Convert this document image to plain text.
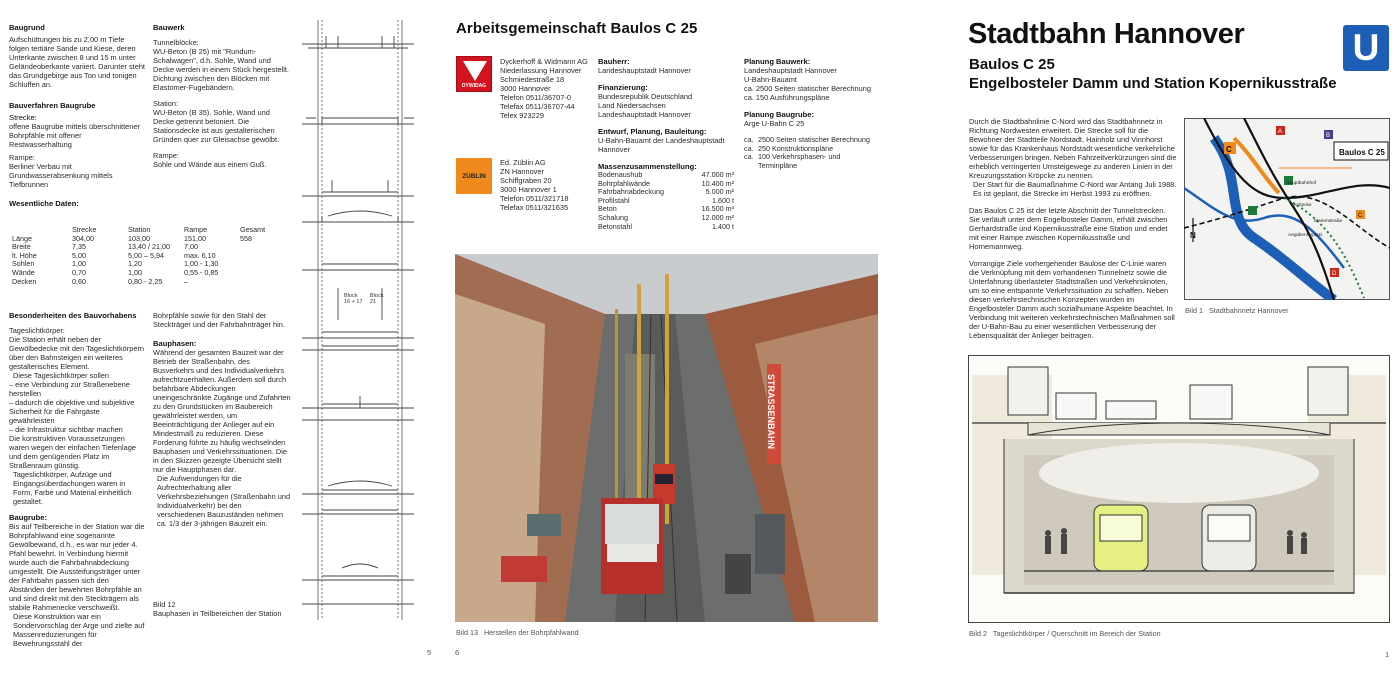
Baugrund

Aufschüttungen bis zu 2,00 m Tiefe folgen tertiäre Sande und Kiese, deren Unterkante zwischen 8 und 15 m unter Geländeoberkante variiert. Darunter steht das Grundgebirge aus Ton und tonigen Schluffen an.

Bauverfahren Baugrube
Strecke:

offene Baugrube mittels überschnittener Bohrpfähle mit offener Restwasserhaltung

Rampe:

Berliner Verbau mit Grundwasserabsenkung mittels Tiefbrunnen

Wesentliche Daten:
	Strecke	Station	Rampe	Gesamt
Länge	304,00	103,00	151,00	558
Breite	7,35	13,40 / 21,00	7,00	
lt. Höhe	5,00	5,00 – 5,94	max. 6,10	
Sohlen	1,00	1,20	1,00 - 1,30	
Wände	0,70	1,00	0,55 - 0,85	
Decken	0,60	0,80 - 2,25	–	
Besonderheiten des Bauvorhabens

Tageslichtkörper:

Die Station erhält neben der Gewölbedecke mit den Tageslichtkörpern über den Bahnsteigen ein weiteres gestalterisches Element.

Diese Tageslichtkörper sollen

– eine Verbindung zur Straßenebene herstellen
– dadurch die objektive und subjektive Sicherheit für die Fahrgäste gewährleisten
– die Infrastruktur sichtbar machen

Die konstruktiven Voraussetzungen waren wegen der einfachen Tiefenlage und dem genügenden Platz im Straßenraum günstig.

Tageslichtkörper, Aufzüge und Eingangsüberdachungen waren in Form, Farbe und Material einheitlich gestaltet.

Baugrube:

Bis auf Teilbereiche in der Station war die Bohrpfahlwand eine sogenannte Gewölbewand, d.h., es war nur jeder 4. Pfahl bewehrt. In Verbindung hiermit wurde auch die Fahrbahnabdeckung umgestellt. Die Aussteifungsträger unter der Fahrbahn passen sich den Abständen der bewehrten Bohrpfähle an und sind direkt mit den Steckträgern als stabile Rahmenecke verschweißt.

Diese Konstruktion war ein Sondervorschlag der Arge und zielte auf Massenreduzierungen für Bewehrungsstahl der

Bauwerk

Tunnelblöcke:

WU-Beton (B 25) mit "Rundum-Schalwagen", d.h. Sohle, Wand und Decke werden in einem Stück hergestellt. Dichtung zwischen den Blöcken mit Elastomer-Fugebändern.

Station:

WU-Beton (B 35). Sohle, Wand und Decke getrennt betoniert. Die Stationsdecke ist aus gestalterischen Gründen quer zur Gleisachse gewölbt.

Rampe:

Sohle und Wände aus einem Guß.

Bohrpfähle sowie für den Stahl der Steckträger und der Fahrbahnträger hin.

Bauphasen:

Während der gesamten Bauzeit war der Betrieb der Straßenbahn, des Busverkehrs und des Individualverkehrs aufrechtzuerhalten. Außerdem soll durch befahrbare Abdeckungen uneingeschränkte Zugänge und Zufahrten zu den Grundstücken im Baubereich gewährleistet werden, um Beeinträchtigung der Anlieger auf ein Mindestmaß zu reduzieren. Diese Forderung führte zu häufig wechselnden Bauphasen und Verkehrssituationen. Die in den Skizzen gezeigte Übersicht stellt nur die Hauptphasen dar.

Die Aufwendungen für die Aufrechterhaltung aller Verkehrsbeziehungen (Straßenbahn und Individualverkehr) bei den verschiedenen Bauzuständen nehmen ca. 1/3 der 3-jährigen Bauzeit ein.

Bild 12

Bauphasen in Teilbereichen der Station

Block
16 + 17
Block
21
5
Arbeitsgemeinschaft Baulos C 25
DYWIDAG

Dyckerhoff & Widmann AG

Niederlassung Hannover

Schmiedestraße 18

3000 Hannover

Telefon 0511/36707-0

Telefax 0511/36707-44

Telex 923229

ZÜBLIN

Ed. Züblin AG

ZN Hannover

Schiffgraben 20

3000 Hannover 1

Telefon 0511/321718

Telefax 0511/321635

Bauherr:

Landeshauptstadt Hannover

Finanzierung:

Bundesrepublik Deutschland

Land Niedersachsen

Landeshauptstadt Hannover

Entwurf, Planung, Bauleitung:

U-Bahn-Bauamt der Landeshauptstadt Hannover

Massenzusammenstellung:

Bodenaushub	47.000 m³
Bohrpfahlwände	10.400 m²
Fahrbahnabdeckung	5.000 m²
Profilstahl	1.600 t
Beton	16.500 m³
Schalung	12.000 m²
Betonstahl	1.400 t

Planung Bauwerk:

Landeshauptstadt Hannover

U-Bahn-Bauamt

ca. 2500 Seiten statischer Berechnung

ca. 150 Ausführungspläne

Planung Baugrube:

Arge U-Bahn C 25

ca.	2500 Seiten statischer Berechnung
ca.	250 Konstruktionspläne
ca.	100 Verkehrsphasen- und Terminpläne
STRASSENBAHN
Bild 13 Herstellen der Bohrpfahlwand
6
Stadtbahn Hannover
Baulos C 25
Engelbosteler Damm und Station Kopernikusstraße
U

Durch die Stadtbahnlinie C-Nord wird das Stadtbahnnetz in Richtung Nordwesten erweitert. Die Strecke soll für die Bewohner der Stadtteile Nordstadt, Hainholz und Vinnhorst sowie für das Krankenhaus Nordstadt wesentliche verkehrliche Verbesserungen bringen. Neben Fahrzeitverkürzungen sind die erheblich verringerten Umsteigewege zu anderen Linien in der Kreuzungsstation Kröpcke zu nennen.

Der Start für die Baumaßnahme C-Nord war Antang Juli 1988. Es ist geplant, die Strecke im Herbst 1993 zu eröffnen.

Das Baulos C 25 ist der letzte Abschnitt der Tunnelstrecken. Sie verläuft unter dem Engelbosteler Damm, erhält zwischen Gerhardstraße und Kopernikusstraße eine Station und endet mit einer Rampe zwischen Kopernikusstraße und Hornemannweg.

Vorrangige Ziele vorhergehender Baulose der C-Linie waren die Verknüpfung mit dem vorhandenen Tunnelnetz sowie die Unterfahrung überlasteter Stadtstraßen und Verkehrsknoten, um so eine entspannte Verkehrssituation zu schaffen. Neben diesen verkehrstechnischen Konzepten wurden im Engelbosteler Damm auch sozialhumane Aspekte beachtet. In Verbindung mit weiteren verkehrstechnischen Maßnahmen soll der U-Bahn-Bau zu einer wesentlichen Verbesserung der Lebensqualität der Anlieger beitragen.

Baulos C 25
C
A
B
C
D
Hauptbahnhof
Kröpcke
Marienstraße
Aegidientorplatz
N
Bild 1 Stadtbahnnetz Hannover
Bild 2 Tageslichtkörper / Querschnitt im Bereich der Station
1
